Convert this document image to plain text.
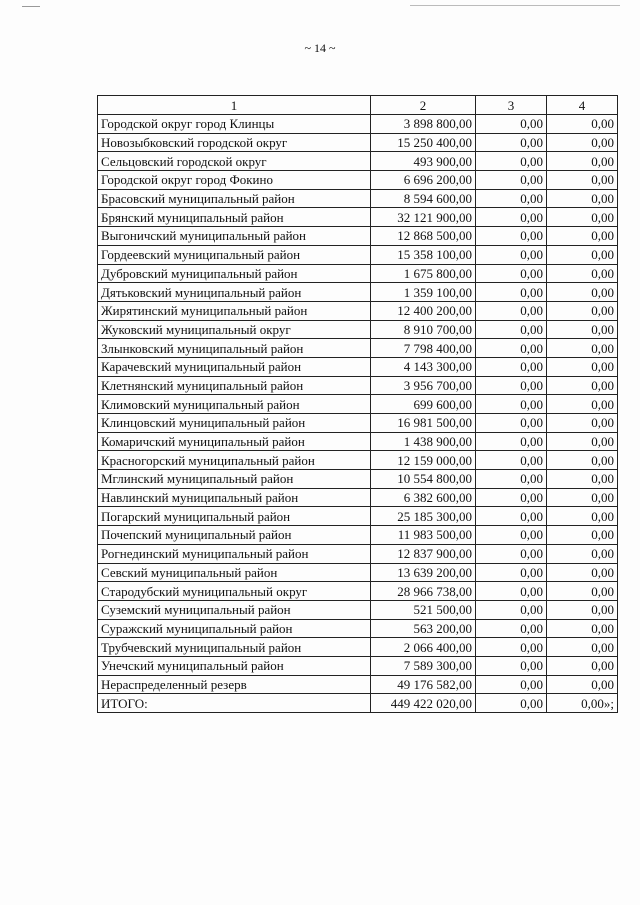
~ 14 ~
1	2	3	4
Городской округ город Клинцы	3 898 800,00	0,00	0,00
Новозыбковский городской округ	15 250 400,00	0,00	0,00
Сельцовский городской округ	493 900,00	0,00	0,00
Городской округ город Фокино	6 696 200,00	0,00	0,00
Брасовский муниципальный район	8 594 600,00	0,00	0,00
Брянский муниципальный район	32 121 900,00	0,00	0,00
Выгоничский муниципальный район	12 868 500,00	0,00	0,00
Гордеевский муниципальный район	15 358 100,00	0,00	0,00
Дубровский муниципальный район	1 675 800,00	0,00	0,00
Дятьковский муниципальный район	1 359 100,00	0,00	0,00
Жирятинский муниципальный район	12 400 200,00	0,00	0,00
Жуковский муниципальный округ	8 910 700,00	0,00	0,00
Злынковский муниципальный район	7 798 400,00	0,00	0,00
Карачевский муниципальный район	4 143 300,00	0,00	0,00
Клетнянский муниципальный район	3 956 700,00	0,00	0,00
Климовский муниципальный район	699 600,00	0,00	0,00
Клинцовский муниципальный район	16 981 500,00	0,00	0,00
Комаричский муниципальный район	1 438 900,00	0,00	0,00
Красногорский муниципальный район	12 159 000,00	0,00	0,00
Мглинский муниципальный район	10 554 800,00	0,00	0,00
Навлинский муниципальный район	6 382 600,00	0,00	0,00
Погарский муниципальный район	25 185 300,00	0,00	0,00
Почепский муниципальный район	11 983 500,00	0,00	0,00
Рогнединский муниципальный район	12 837 900,00	0,00	0,00
Севский муниципальный район	13 639 200,00	0,00	0,00
Стародубский муниципальный округ	28 966 738,00	0,00	0,00
Суземский муниципальный район	521 500,00	0,00	0,00
Суражский муниципальный район	563 200,00	0,00	0,00
Трубчевский муниципальный район	2 066 400,00	0,00	0,00
Унечский муниципальный район	7 589 300,00	0,00	0,00
Нераспределенный резерв	49 176 582,00	0,00	0,00
ИТОГО:	449 422 020,00	0,00	0,00»;
